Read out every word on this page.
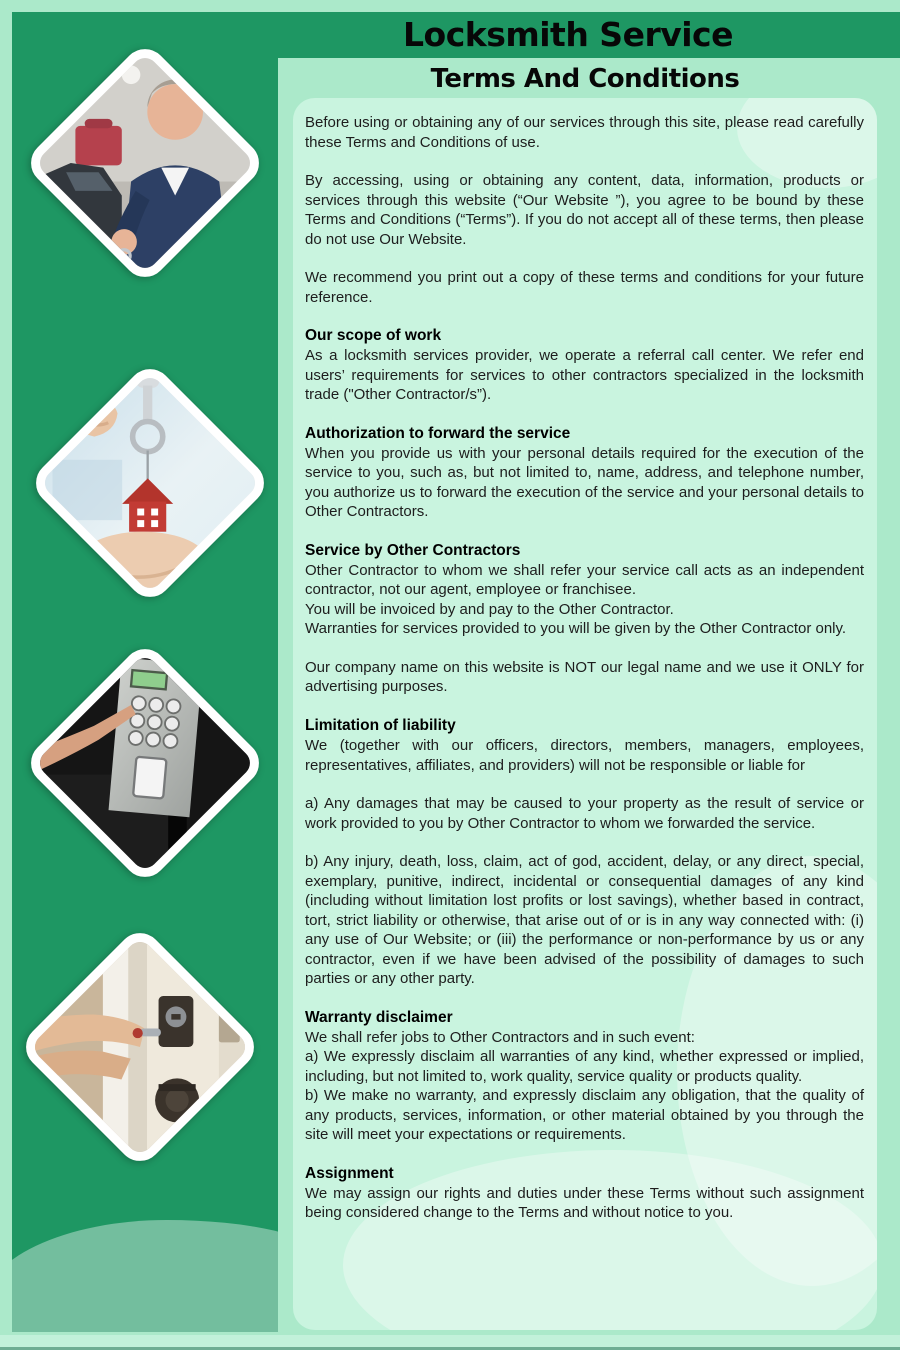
Locksmith Service
Terms And Conditions

Before using or obtaining any of our services through this site, please read carefully these Terms and Conditions of use.

By accessing, using or obtaining any content, data, information, products or services through this website (“Our Website ”), you agree to be bound by these Terms and Conditions (“Terms”). If you do not accept all of these terms, then please do not use Our Website.

We recommend you print out a copy of these terms and conditions for your future reference.

Our scope of work

As a locksmith services provider, we operate a referral call center. We refer end users’ requirements for services to other contractors specialized in the locksmith trade ("Other Contractor/s”).

Authorization to forward the service

When you provide us with your personal details required for the execution of the service to you, such as, but not limited to, name, address, and telephone number, you authorize us to forward the execution of the service and your personal details to Other Contractors.

Service by Other Contractors

Other Contractor to whom we shall refer your service call acts as an independent contractor, not our agent, employee or franchisee.

You will be invoiced by and pay to the Other Contractor.

Warranties for services provided to you will be given by the Other Contractor only.

Our company name on this website is NOT our legal name and we use it ONLY for advertising purposes.

Limitation of liability

We (together with our officers, directors, members, managers, employees, representatives, affiliates, and providers) will not be responsible or liable for

a) Any damages that may be caused to your property as the result of service or work provided to you by Other Contractor to whom we forwarded the service.

b) Any injury, death, loss, claim, act of god, accident, delay, or any direct, special, exemplary, punitive, indirect, incidental or consequential damages of any kind (including without limitation lost profits or lost savings), whether based in contract, tort, strict liability or otherwise, that arise out of or is in any way connected with: (i) any use of Our Website; or (iii) the performance or non-performance by us or any contractor, even if we have been advised of the possibility of damages to such parties or any other party.

Warranty disclaimer

We shall refer jobs to Other Contractors and in such event:

a) We expressly disclaim all warranties of any kind, whether expressed or implied, including, but not limited to, work quality, service quality or products quality.

b) We make no warranty, and expressly disclaim any obligation, that the quality of any products, services, information, or other material obtained by you through the site will meet your expectations or requirements.

Assignment

We may assign our rights and duties under these Terms without such assignment being considered change to the Terms and without notice to you.
